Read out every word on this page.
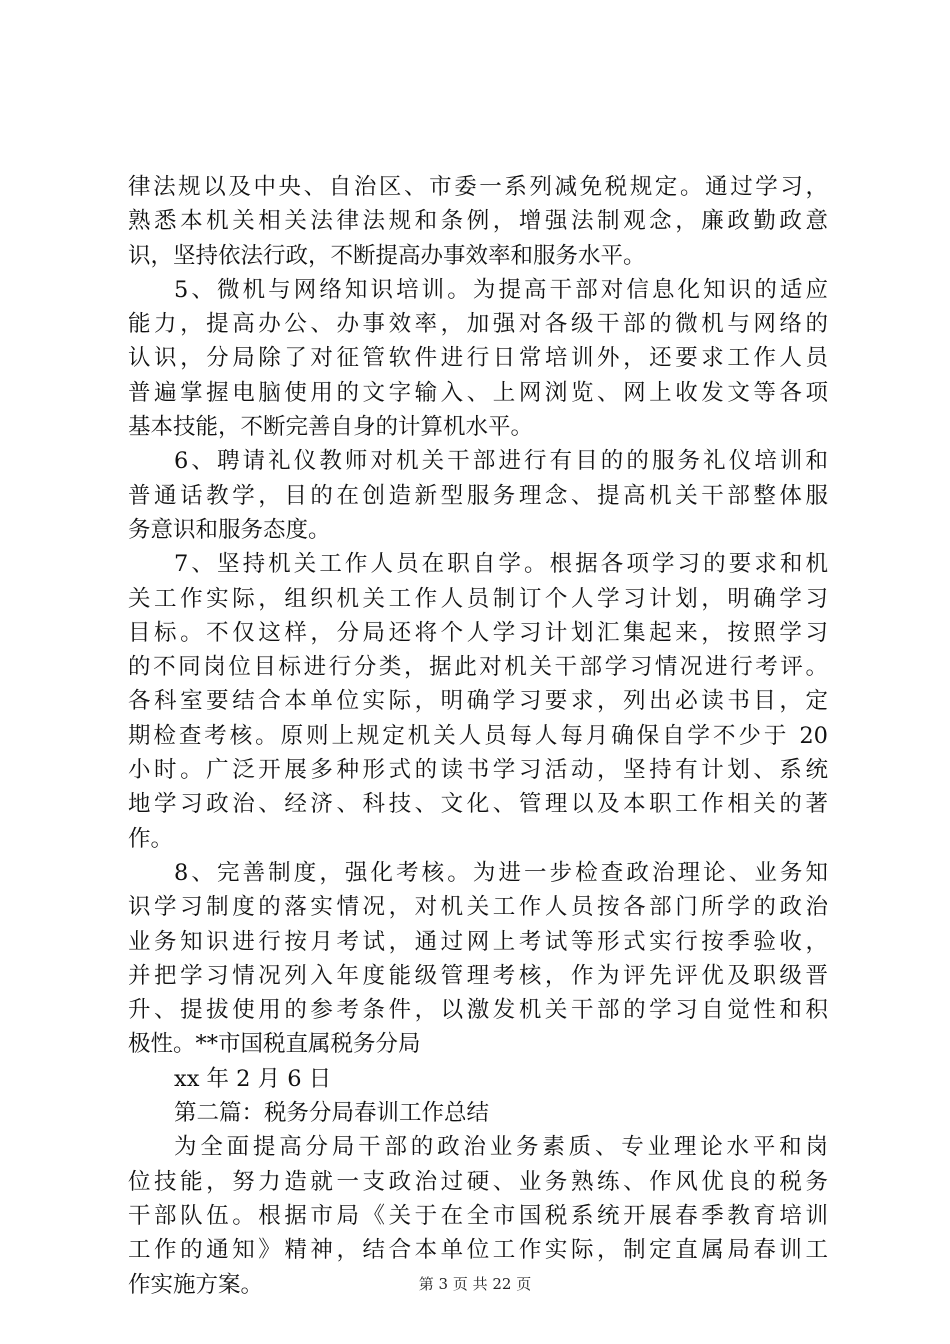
律法规以及中央、自治区、市委一系列减免税规定。通过学习，
熟悉本机关相关法律法规和条例，增强法制观念，廉政勤政意
识，坚持依法行政，不断提高办事效率和服务水平。
5、微机与网络知识培训。为提高干部对信息化知识的适应
能力，提高办公、办事效率，加强对各级干部的微机与网络的
认识，分局除了对征管软件进行日常培训外，还要求工作人员
普遍掌握电脑使用的文字输入、上网浏览、网上收发文等各项
基本技能，不断完善自身的计算机水平。
6、聘请礼仪教师对机关干部进行有目的的服务礼仪培训和
普通话教学，目的在创造新型服务理念、提高机关干部整体服
务意识和服务态度。
7、坚持机关工作人员在职自学。根据各项学习的要求和机
关工作实际，组织机关工作人员制订个人学习计划，明确学习
目标。不仅这样，分局还将个人学习计划汇集起来，按照学习
的不同岗位目标进行分类，据此对机关干部学习情况进行考评。
各科室要结合本单位实际，明确学习要求，列出必读书目，定
期检查考核。原则上规定机关人员每人每月确保自学不少于 20
小时。广泛开展多种形式的读书学习活动，坚持有计划、系统
地学习政治、经济、科技、文化、管理以及本职工作相关的著
作。
8、完善制度，强化考核。为进一步检查政治理论、业务知
识学习制度的落实情况，对机关工作人员按各部门所学的政治
业务知识进行按月考试，通过网上考试等形式实行按季验收，
并把学习情况列入年度能级管理考核，作为评先评优及职级晋
升、提拔使用的参考条件，以激发机关干部的学习自觉性和积
极性。**市国税直属税务分局
xx 年 2 月 6 日
第二篇：税务分局春训工作总结
为全面提高分局干部的政治业务素质、专业理论水平和岗
位技能，努力造就一支政治过硬、业务熟练、作风优良的税务
干部队伍。根据市局《关于在全市国税系统开展春季教育培训
工作的通知》精神，结合本单位工作实际，制定直属局春训工
作实施方案。	第 3 页 共 22 页
